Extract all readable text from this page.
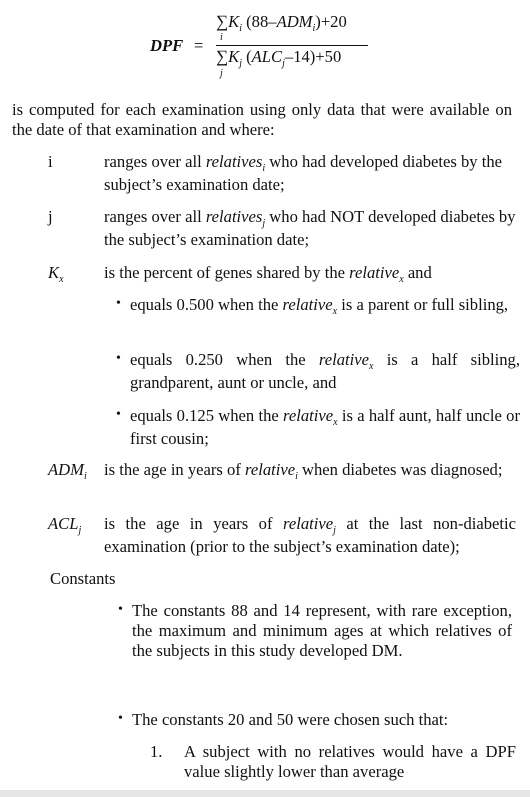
DPF =
$\sum K_i$ $(88-ADM_i)+20$
i
$\sum K_j$ $(ALC_j-14)+50$
j
is computed for each examination using only data that were available on the date of that examination and where:
i	ranges over all relatives$_i$ who had developed diabetes by the subject’s examination date;
j	ranges over all relatives$_j$ who had NOT developed diabetes by the subject’s examination date;
$K_x$ is the percent of genes shared by the relative$_x$ and
• equals 0.500 when the relative$_x$ is a parent or full sibling,
• equals 0.250 when the relative$_x$ is a half sibling, grandparent, aunt or uncle, and
• equals 0.125 when the relative$_x$ is a half aunt, half uncle or first cousin;
$ADM_i$ is the age in years of relative$_i$ when diabetes was diagnosed;
$ACL_j$ is the age in years of relative$_j$ at the last non-diabetic examination (prior to the subject’s examination date);
Constants
• The constants 88 and 14 represent, with rare exception, the maximum and minimum ages at which relatives of the subjects in this study developed DM.
• The constants 20 and 50 were chosen such that:
1. A subject with no relatives would have a DPF value slightly lower than average
